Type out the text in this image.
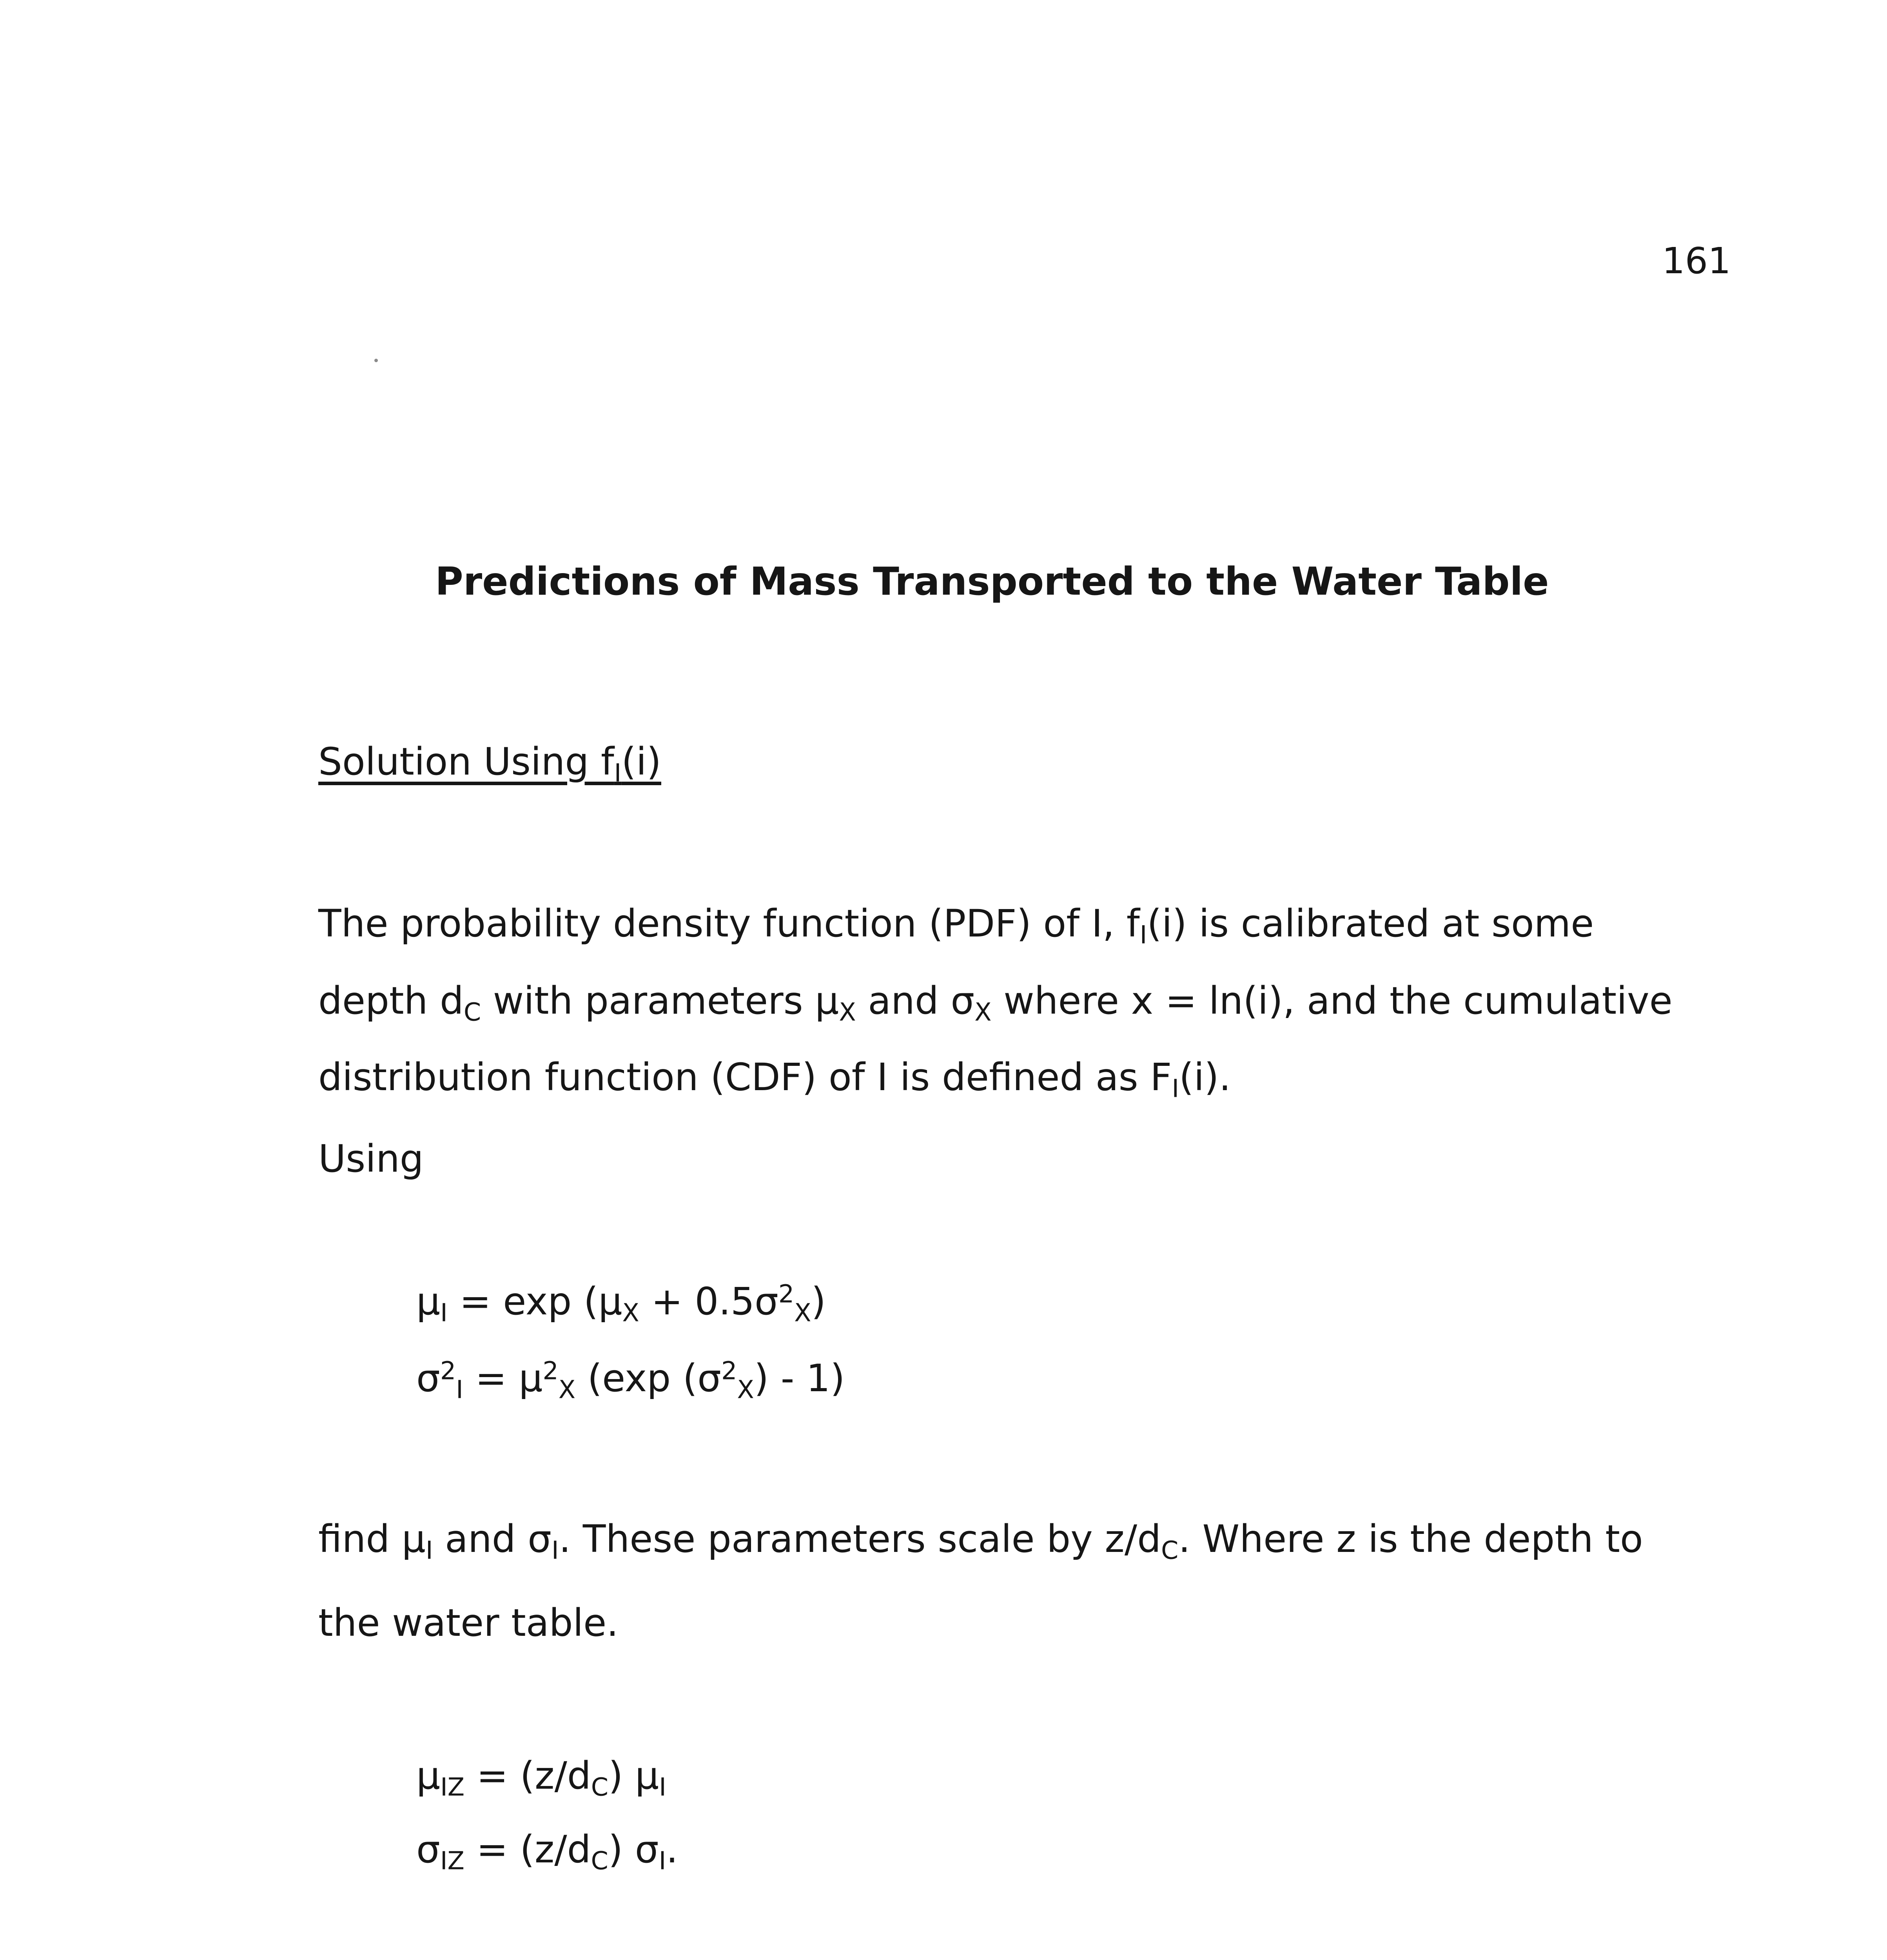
161
Predictions of Mass Transported to the Water Table
Solution Using $f_I(i)$
The probability density function (PDF) of I, $f_I(i)$ is calibrated at some
depth $d_C$ with parameters $\mu_X$ and $\sigma_X$ where x = ln(i), and the cumulative
distribution function (CDF) of I is defined as $F_I(i)$.
Using
$\mu_I = \exp (\mu_X + 0.5\sigma^2_X)$
$\sigma^2_I = \mu^2_X$ (exp $(\sigma^2_X) - 1$)
find $\mu_I$ and $\sigma_I$. These parameters scale by $z/d_C$. Where z is the depth to
the water table.
$\mu_{IZ} = (z/d_C)$ $\mu_I$
$\sigma_{IZ} = (z/d_C)$ $\sigma_I$.
